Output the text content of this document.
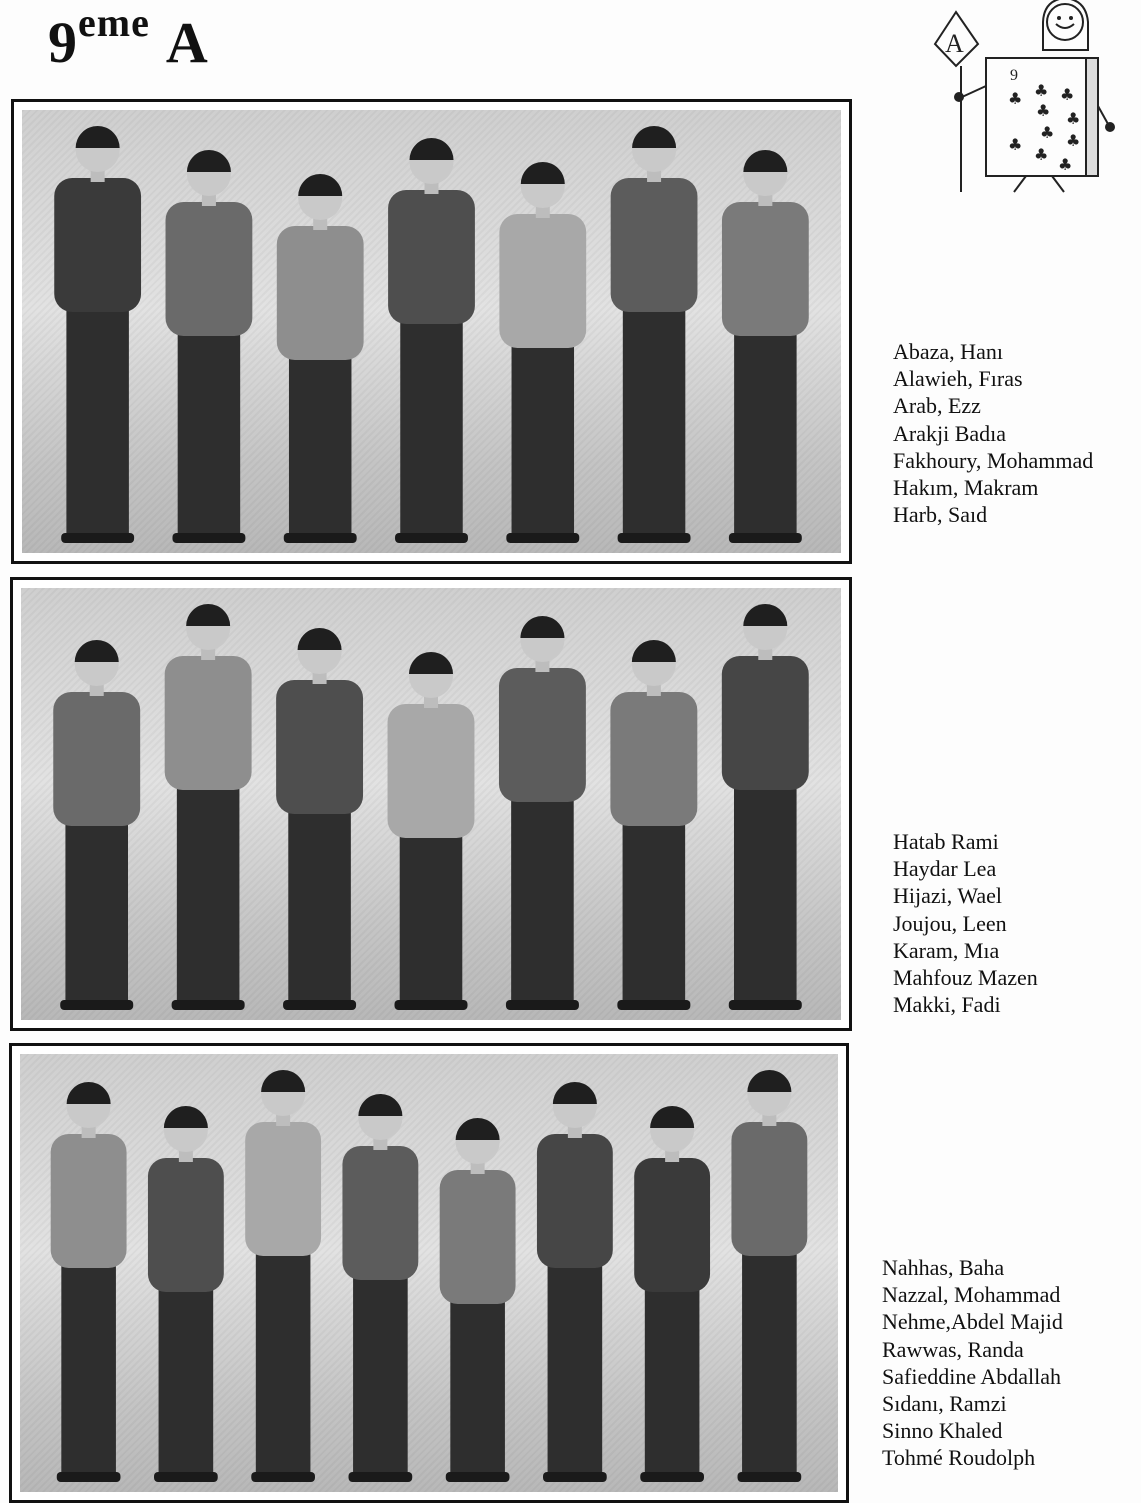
9eme A	A
9
♣ ♣ ♣
♣ ♣
♣ ♣
♣
♣
♣
Abaza, Hanı
Alawieh, Fıras
Arab, Ezz
Arakji Badıa
Fakhoury, Mohammad
Hakım, Makram
Harb, Saıd
Hatab Rami
Haydar Lea
Hijazi, Wael
Joujou, Leen
Karam, Mıa
Mahfouz Mazen
Makki, Fadi
Nahhas, Baha
Nazzal, Mohammad
Nehme,Abdel Majid
Rawwas, Randa
Safieddine Abdallah
Sıdanı, Ramzi
Sinno Khaled
Tohmé Roudolph
